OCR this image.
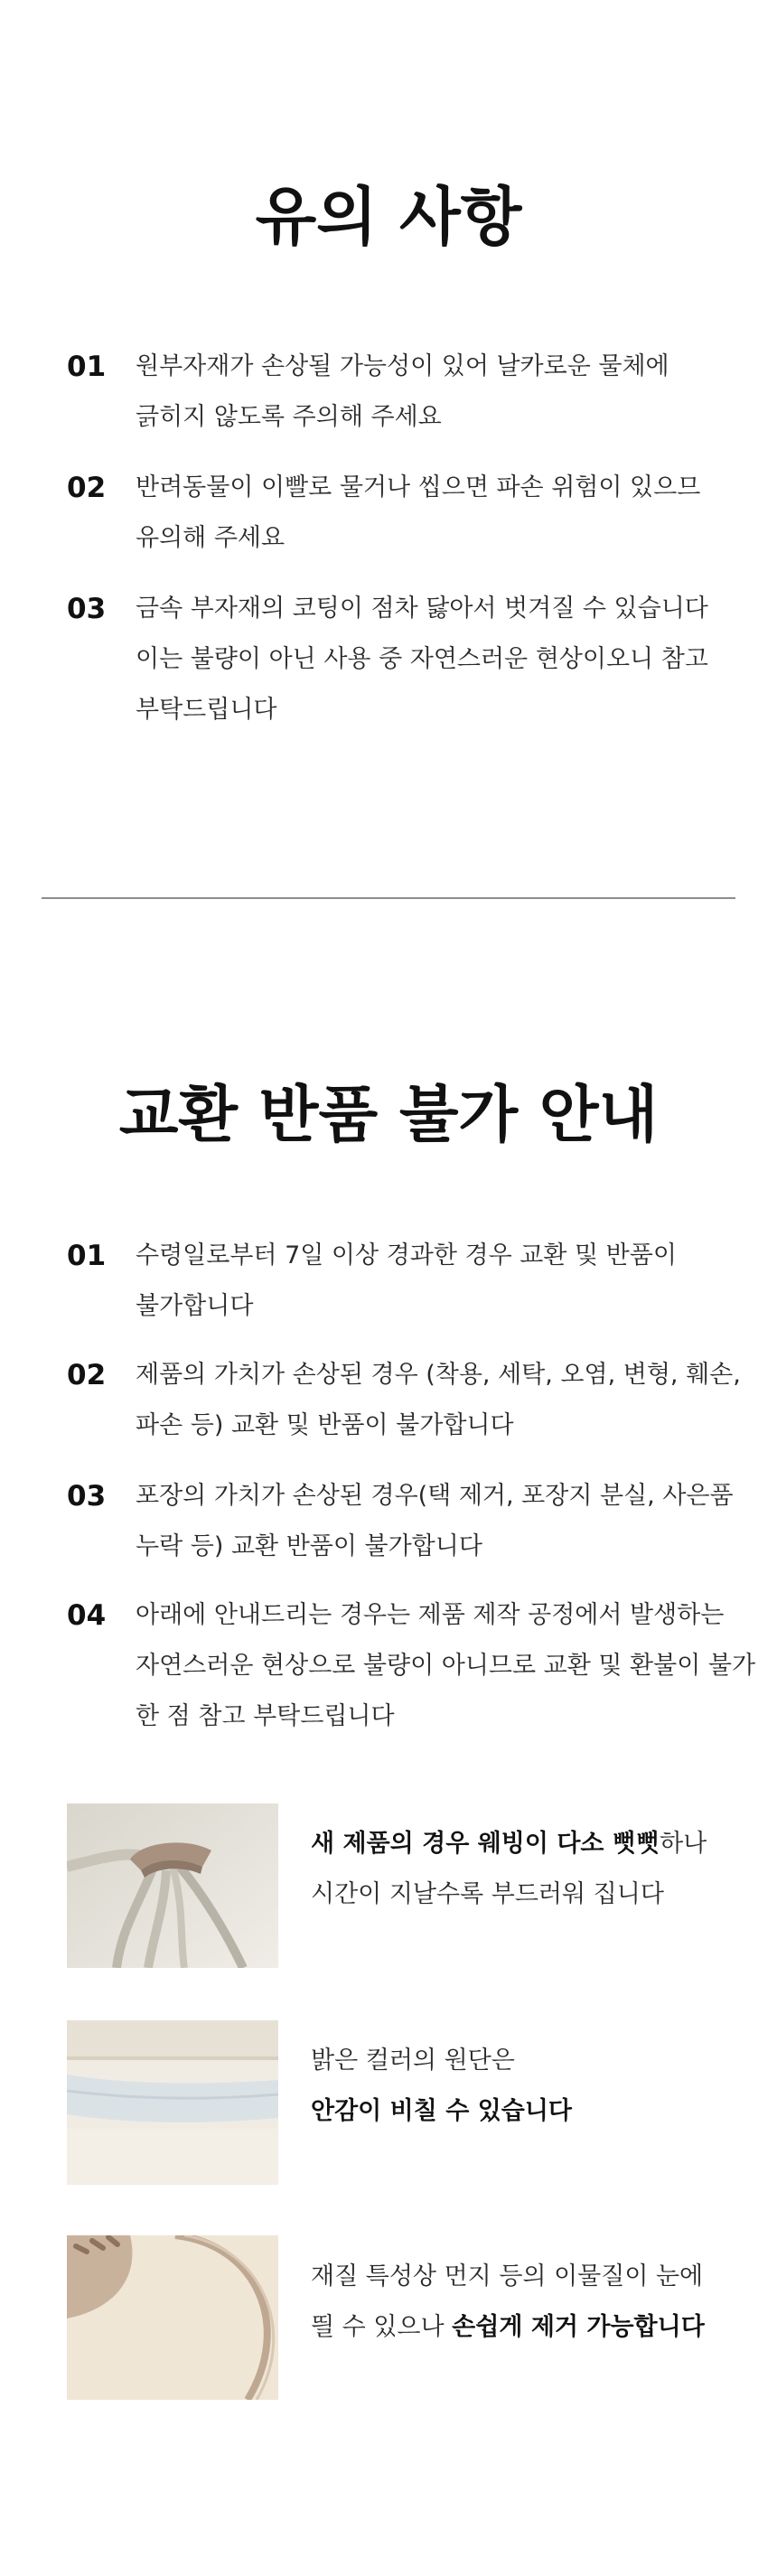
유의 사항
01 원부자재가 손상될 가능성이 있어 날카로운 물체에
긁히지 않도록 주의해 주세요
02 반려동물이 이빨로 물거나 씹으면 파손 위험이 있으므
유의해 주세요
03 금속 부자재의 코팅이 점차 닳아서 벗겨질 수 있습니다
이는 불량이 아닌 사용 중 자연스러운 현상이오니 참고
부탁드립니다
교환 반품 불가 안내
01 수령일로부터 7일 이상 경과한 경우 교환 및 반품이
불가합니다
02 제품의 가치가 손상된 경우 (착용, 세탁, 오염, 변형, 훼손,
파손 등) 교환 및 반품이 불가합니다
03 포장의 가치가 손상된 경우(택 제거, 포장지 분실, 사은품
누락 등) 교환 반품이 불가합니다
04 아래에 안내드리는 경우는 제품 제작 공정에서 발생하는
자연스러운 현상으로 불량이 아니므로 교환 및 환불이 불가
한 점 참고 부탁드립니다
새 제품의 경우 웨빙이 다소 뻣뻣하나
시간이 지날수록 부드러워 집니다
밝은 컬러의 원단은
안감이 비칠 수 있습니다
재질 특성상 먼지 등의 이물질이 눈에
띌 수 있으나 손쉽게 제거 가능합니다
